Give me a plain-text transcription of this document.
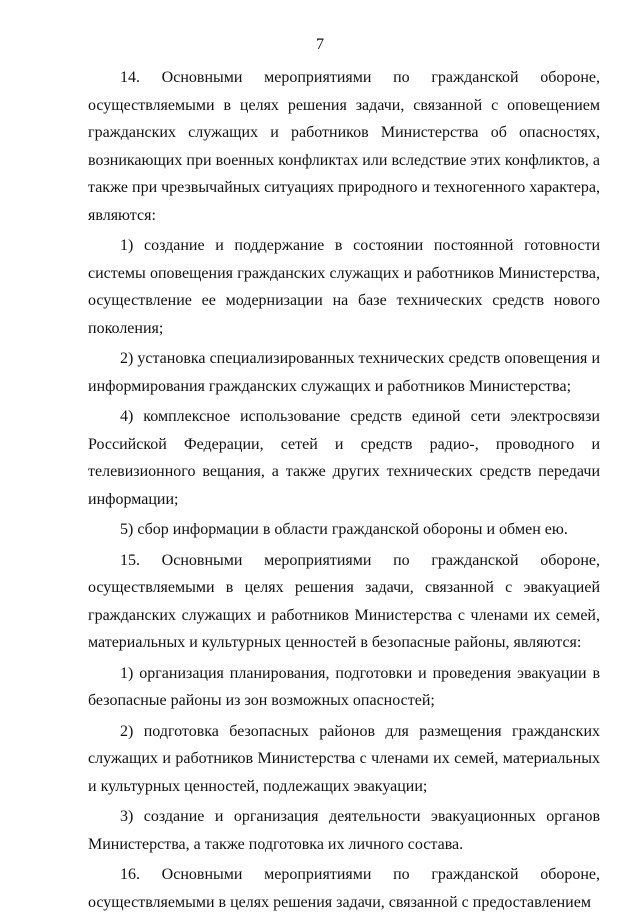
7

14. Основными мероприятиями по гражданской обороне, осуществляемыми в целях решения задачи, связанной с оповещением гражданских служащих и работников Министерства об опасностях, возникающих при военных конфликтах или вследствие этих конфликтов, а также при чрезвычайных ситуациях природного и техногенного характера, являются:

1) создание и поддержание в состоянии постоянной готовности системы оповещения гражданских служащих и работников Министерства, осуществление ее модернизации на базе технических средств нового поколения;

2) установка специализированных технических средств оповещения и информирования гражданских служащих и работников Министерства;

4) комплексное использование средств единой сети электросвязи Российской Федерации, сетей и средств радио-, проводного и телевизионного вещания, а также других технических средств передачи информации;

5) сбор информации в области гражданской обороны и обмен ею.

15. Основными мероприятиями по гражданской обороне, осуществляемыми в целях решения задачи, связанной с эвакуацией гражданских служащих и работников Министерства с членами их семей, материальных и культурных ценностей в безопасные районы, являются:

1) организация планирования, подготовки и проведения эвакуации в безопасные районы из зон возможных опасностей;

2) подготовка безопасных районов для размещения гражданских служащих и работников Министерства с членами их семей, материальных и культурных ценностей, подлежащих эвакуации;

3) создание и организация деятельности эвакуационных органов Министерства, а также подготовка их личного состава.

16. Основными мероприятиями по гражданской обороне, осуществляемыми в целях решения задачи, связанной с предоставлением
